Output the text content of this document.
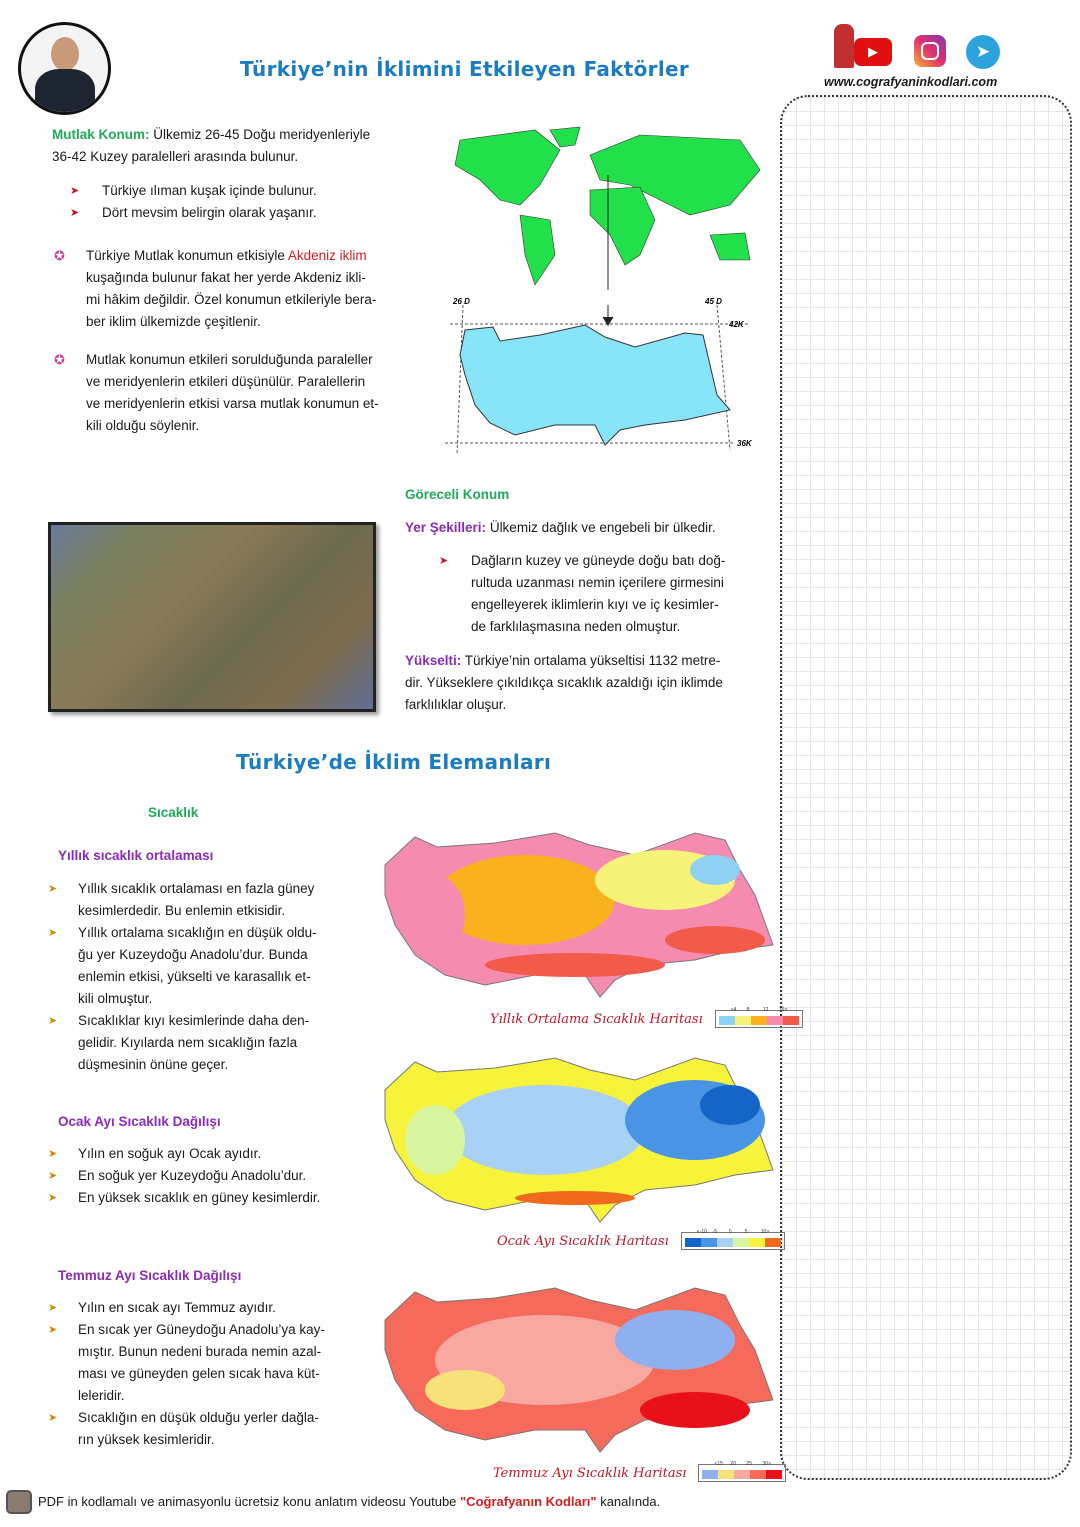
Türkiye’nin İklimini Etkileyen Faktörler
▶	➤
www.cografyaninkodlari.com
Mutlak Konum: Ülkemiz 26-45 Doğu meridyenleriyle
36-42 Kuzey paralelleri arasında bulunur.
➤ Türkiye ılıman kuşak içinde bulunur.
➤ Dört mevsim belirgin olarak yaşanır.
✪ Türkiye Mutlak konumun etkisiyle Akdeniz iklim
kuşağında bulunur fakat her yerde Akdeniz ikli-
mi hâkim değildir. Özel konumun etkileriyle bera-
ber iklim ülkemizde çeşitlenir.
✪ Mutlak konumun etkileri sorulduğunda paraleller
ve meridyenlerin etkileri düşünülür. Paralellerin
ve meridyenlerin etkisi varsa mutlak konumun et-
kili olduğu söylenir.
26 D	45 D
42K
36K
Göreceli Konum
Yer Şekilleri: Ülkemiz dağlık ve engebeli bir ülkedir.
➤ Dağların kuzey ve güneyde doğu batı doğ-
rultuda uzanması nemin içerilere girmesini
engelleyerek iklimlerin kıyı ve iç kesimler-
de farklılaşmasına neden olmuştur.
Yükselti: Türkiye’nin ortalama yükseltisi 1132 metre-
dir. Yükseklere çıkıldıkça sıcaklık azaldığı için iklimde
farklılıklar oluşur.
Türkiye’de İklim Elemanları
Sıcaklık
Yıllık sıcaklık ortalaması
➤ Yıllık sıcaklık ortalaması en fazla güney
kesimlerdedir. Bu enlemin etkisidir.
➤ Yıllık ortalama sıcaklığın en düşük oldu-
ğu yer Kuzeydoğu Anadolu’dur. Bunda
enlemin etkisi, yükselti ve karasallık et-
kili olmuştur.
➤ Sıcaklıklar kıyı kesimlerinde daha den-
gelidir. Kıyılarda nem sıcaklığın fazla
düşmesinin önüne geçer.
Ocak Ayı Sıcaklık Dağılışı
➤ Yılın en soğuk ayı Ocak ayıdır.
➤ En soğuk yer Kuzeydoğu Anadolu’dur.
➤ En yüksek sıcaklık en güney kesimlerdir.
Temmuz Ayı Sıcaklık Dağılışı
➤ Yılın en sıcak ayı Temmuz ayıdır.
➤ En sıcak yer Güneydoğu Anadolu’ya kay-
mıştır. Bunun nedeni burada nemin azal-
ması ve güneyden gelen sıcak hava küt-
leleridir.
➤ Sıcaklığın en düşük olduğu yerler dağla-
rın yüksek kesimleridir.
Yıllık Ortalama Sıcaklık Haritası
<4 8	12 16>
Ocak Ayı Sıcaklık Haritası
<-10 -5 0	5	10>
Temmuz Ayı Sıcaklık Haritası
<15 20 25 30>
PDF in kodlamalı ve animasyonlu ücretsiz konu anlatım videosu Youtube "Coğrafyanın Kodları" kanalında.
